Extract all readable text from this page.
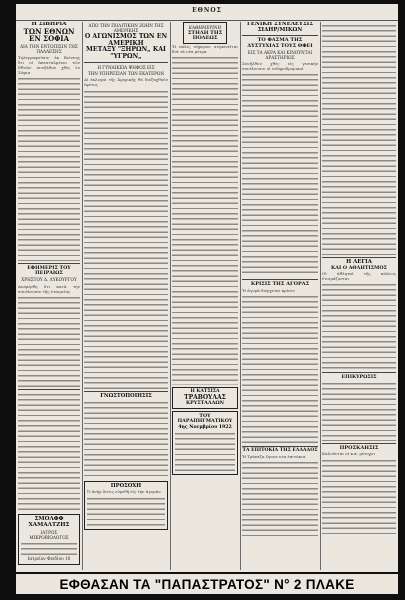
ΕΘΝΟΣ
Η ΣΙΒΗΡΙΑ
ΤΩΝ ΕΘΝΩΝ ΕΝ ΣΟΦΙΑ
ΔΙΑ ΤΗΝ ΕΝΤΟΠΙΣΙΝ ΤΗΣ ΠΑΛΛΕΣΗΣ
Τηλεγραφοῦσιν ἐκ Βιέννης ὅτι οἱ ἀπεσταλμένοι τῶν Εθνῶν συνῆλθον χθὲς ἐν Σόφια
ΕΦΗΜΕΡΙΣ ΤΟΥ ΠΕΙΡΑΙΩΣ
ΧΡΗΣΤΟΥ Δ. ΛΥΚΟΥΡΓΟΥ
Ανεφέρθη ὅτι κατὰ τὴν συνέλευσιν τῆς ἑταιρείας
ΣΜΟΛΦΦ ΧΑΜΑΛΤΖΗΣ
ΙΑΤΡΟΣ ΜΙΚΡΟΒΙΟΛΟΓΟΣ
Ιατρεῖον Φειδίου 10
ΑΠΟ ΤΗΝ ΠΟΛΙΤΙΚΗΝ ΖΩΗΝ ΤΗΣ ΑΜΕΡΙΚΗΣ
Ο ΑΓΩΝΙΣΜΟΣ ΤΩΝ ΕΝ ΑΜΕΡΙΚΗ
ΜΕΤΑΞΥ "ΞΗΡΩΝ„ ΚΑΙ "ΥΓΡΩΝ„
Η ΓΥΝΑΙΚΕΙΑ ΨΗΦΟΣ ΕΙΣ
ΤΗΝ ΥΠΗΡΕΣΙΑΝ ΤΩΝ ΕΚΑΤΕΡΩΝ
Αἱ ἐκλογαὶ τῆς Ἀμερικῆς θὰ διεξαχθοῦν ἐφέτος
ΓΝΩΣΤΟΠΟΙΗΣΙΣ
ΠΡΟΣΟΧΗ
Ὁ ἀνὴρ ὅστις εὑρεθῆ εἰς τὴν ἀγορὰν
ΚΑΘΗΜΕΡΙΝΗ
ΣΤΗΛΗ ΤΗΣ ΠΟΛΕΩΣ
Ἡ πόλις σήμερον συγκινεῖται διὰ τὰ νέα μέτρα
Η ΚΑΤΣΙΣΑ
ΤΡΑΒΟΥΛΑΣ
ΚΡΥΣΤΑΛΛΩΝ
ΤΟΥ
ΠΑΡΑΠΗΓΜΑΤΙΚΟΥ
4ης Νοεμβρίου 1922
ΓΕΝΙΚΗ ΣΥΝΕΛΕΥΣΙΣ ΣΙΔΗΡ/ΜΙΚΩΝ
ΤΟ ΦΑΣΜΑ ΤΗΣ ΔΥΣΤΥΧΙΑΣ ΤΟΥΣ ΘΦΕΙ
ΕΙΣ ΤΑ ΑΚΡΑ ΚΑΙ ΚΙΝΟΥΝΤΑΙ ΔΡΑΣΤΗΡΙΩΣ
Συνῆλθον χθὲς εἰς γενικὴν συνέλευσιν οἱ σιδηροδρομικοὶ
ΚΡΙΣΙΣ ΤΗΣ ΑΓΟΡΑΣ
Ἡ ἀγορὰ διέρχεται κρίσιν
ΤΑ ΕΠΙΤΟΚΙΑ ΤΗΣ ΕΛΛΑΔΟΣ
Ἡ Τράπεζα ὥρισε νέα ἐπιτόκια
Η ΛΕΓΙΑ
ΚΑΙ Ο ΑΘΛΗΤΙΣΜΟΣ
Οἱ ἀθληταὶ τῆς πόλεως ἑτοιμάζονται
ΕΠΙΚΥΡΩΣΙΣ
ΠΡΟΣΚΛΗΣΙΣ
Καλοῦνται οἱ κ.κ. μέτοχοι
ΕΦΘΑΣΑΝ ΤΑ "ΠΑΠΑΣΤΡΑΤΟΣ" Ν° 2 ΠΛΑΚΕ
